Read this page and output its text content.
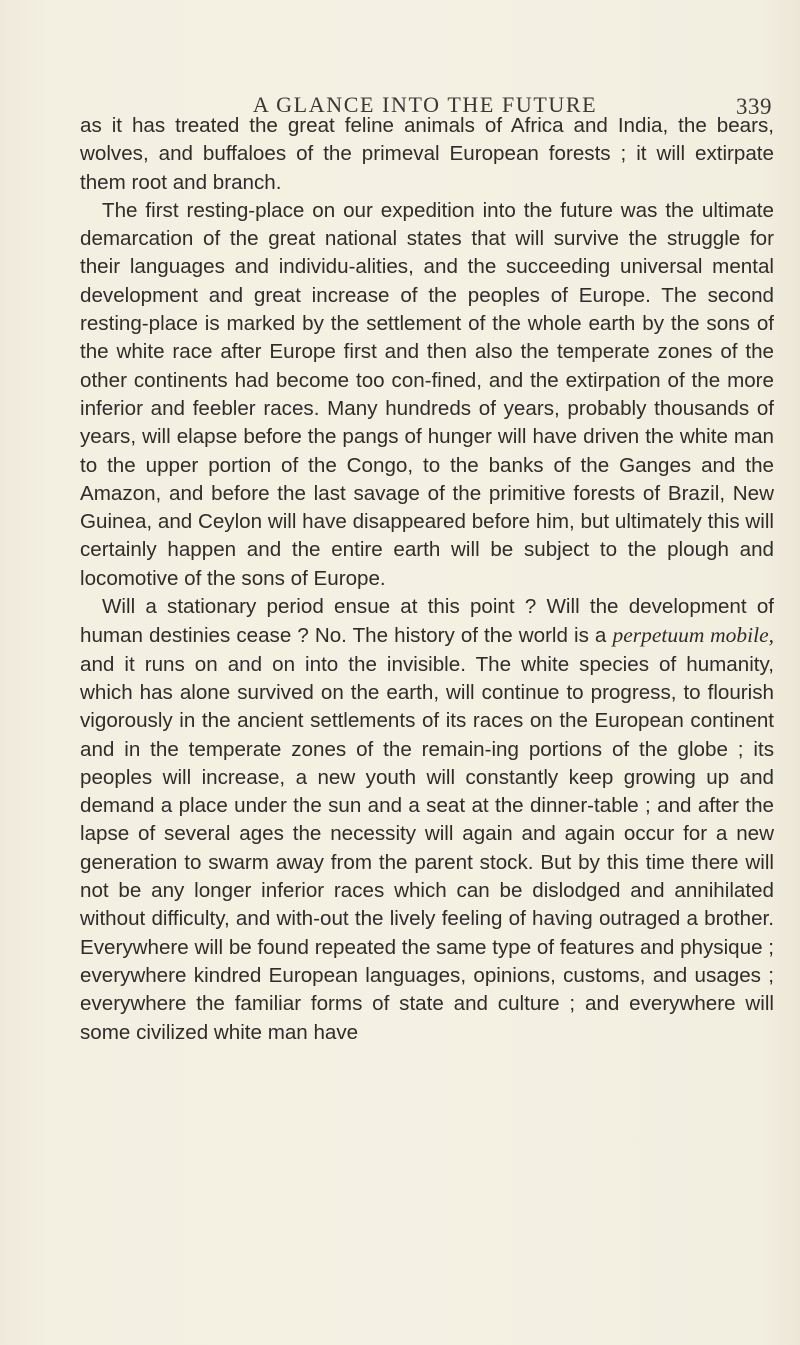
A GLANCE INTO THE FUTURE	339

as it has treated the great feline animals of Africa and India, the bears, wolves, and buffaloes of the primeval European forests ; it will extirpate them root and branch.

The first resting-place on our expedition into the future was the ultimate demarcation of the great national states that will survive the struggle for their languages and individu-alities, and the succeeding universal mental development and great increase of the peoples of Europe. The second resting-place is marked by the settlement of the whole earth by the sons of the white race after Europe first and then also the temperate zones of the other continents had become too con-fined, and the extirpation of the more inferior and feebler races. Many hundreds of years, probably thousands of years, will elapse before the pangs of hunger will have driven the white man to the upper portion of the Congo, to the banks of the Ganges and the Amazon, and before the last savage of the primitive forests of Brazil, New Guinea, and Ceylon will have disappeared before him, but ultimately this will certainly happen and the entire earth will be subject to the plough and locomotive of the sons of Europe.

Will a stationary period ensue at this point ? Will the development of human destinies cease ? No. The history of the world is a perpetuum mobile, and it runs on and on into the invisible. The white species of humanity, which has alone survived on the earth, will continue to progress, to flourish vigorously in the ancient settlements of its races on the European continent and in the temperate zones of the remain-ing portions of the globe ; its peoples will increase, a new youth will constantly keep growing up and demand a place under the sun and a seat at the dinner-table ; and after the lapse of several ages the necessity will again and again occur for a new generation to swarm away from the parent stock. But by this time there will not be any longer inferior races which can be dislodged and annihilated without difficulty, and with-out the lively feeling of having outraged a brother. Everywhere will be found repeated the same type of features and physique ; everywhere kindred European languages, opinions, customs, and usages ; everywhere the familiar forms of state and culture ; and everywhere will some civilized white man have
